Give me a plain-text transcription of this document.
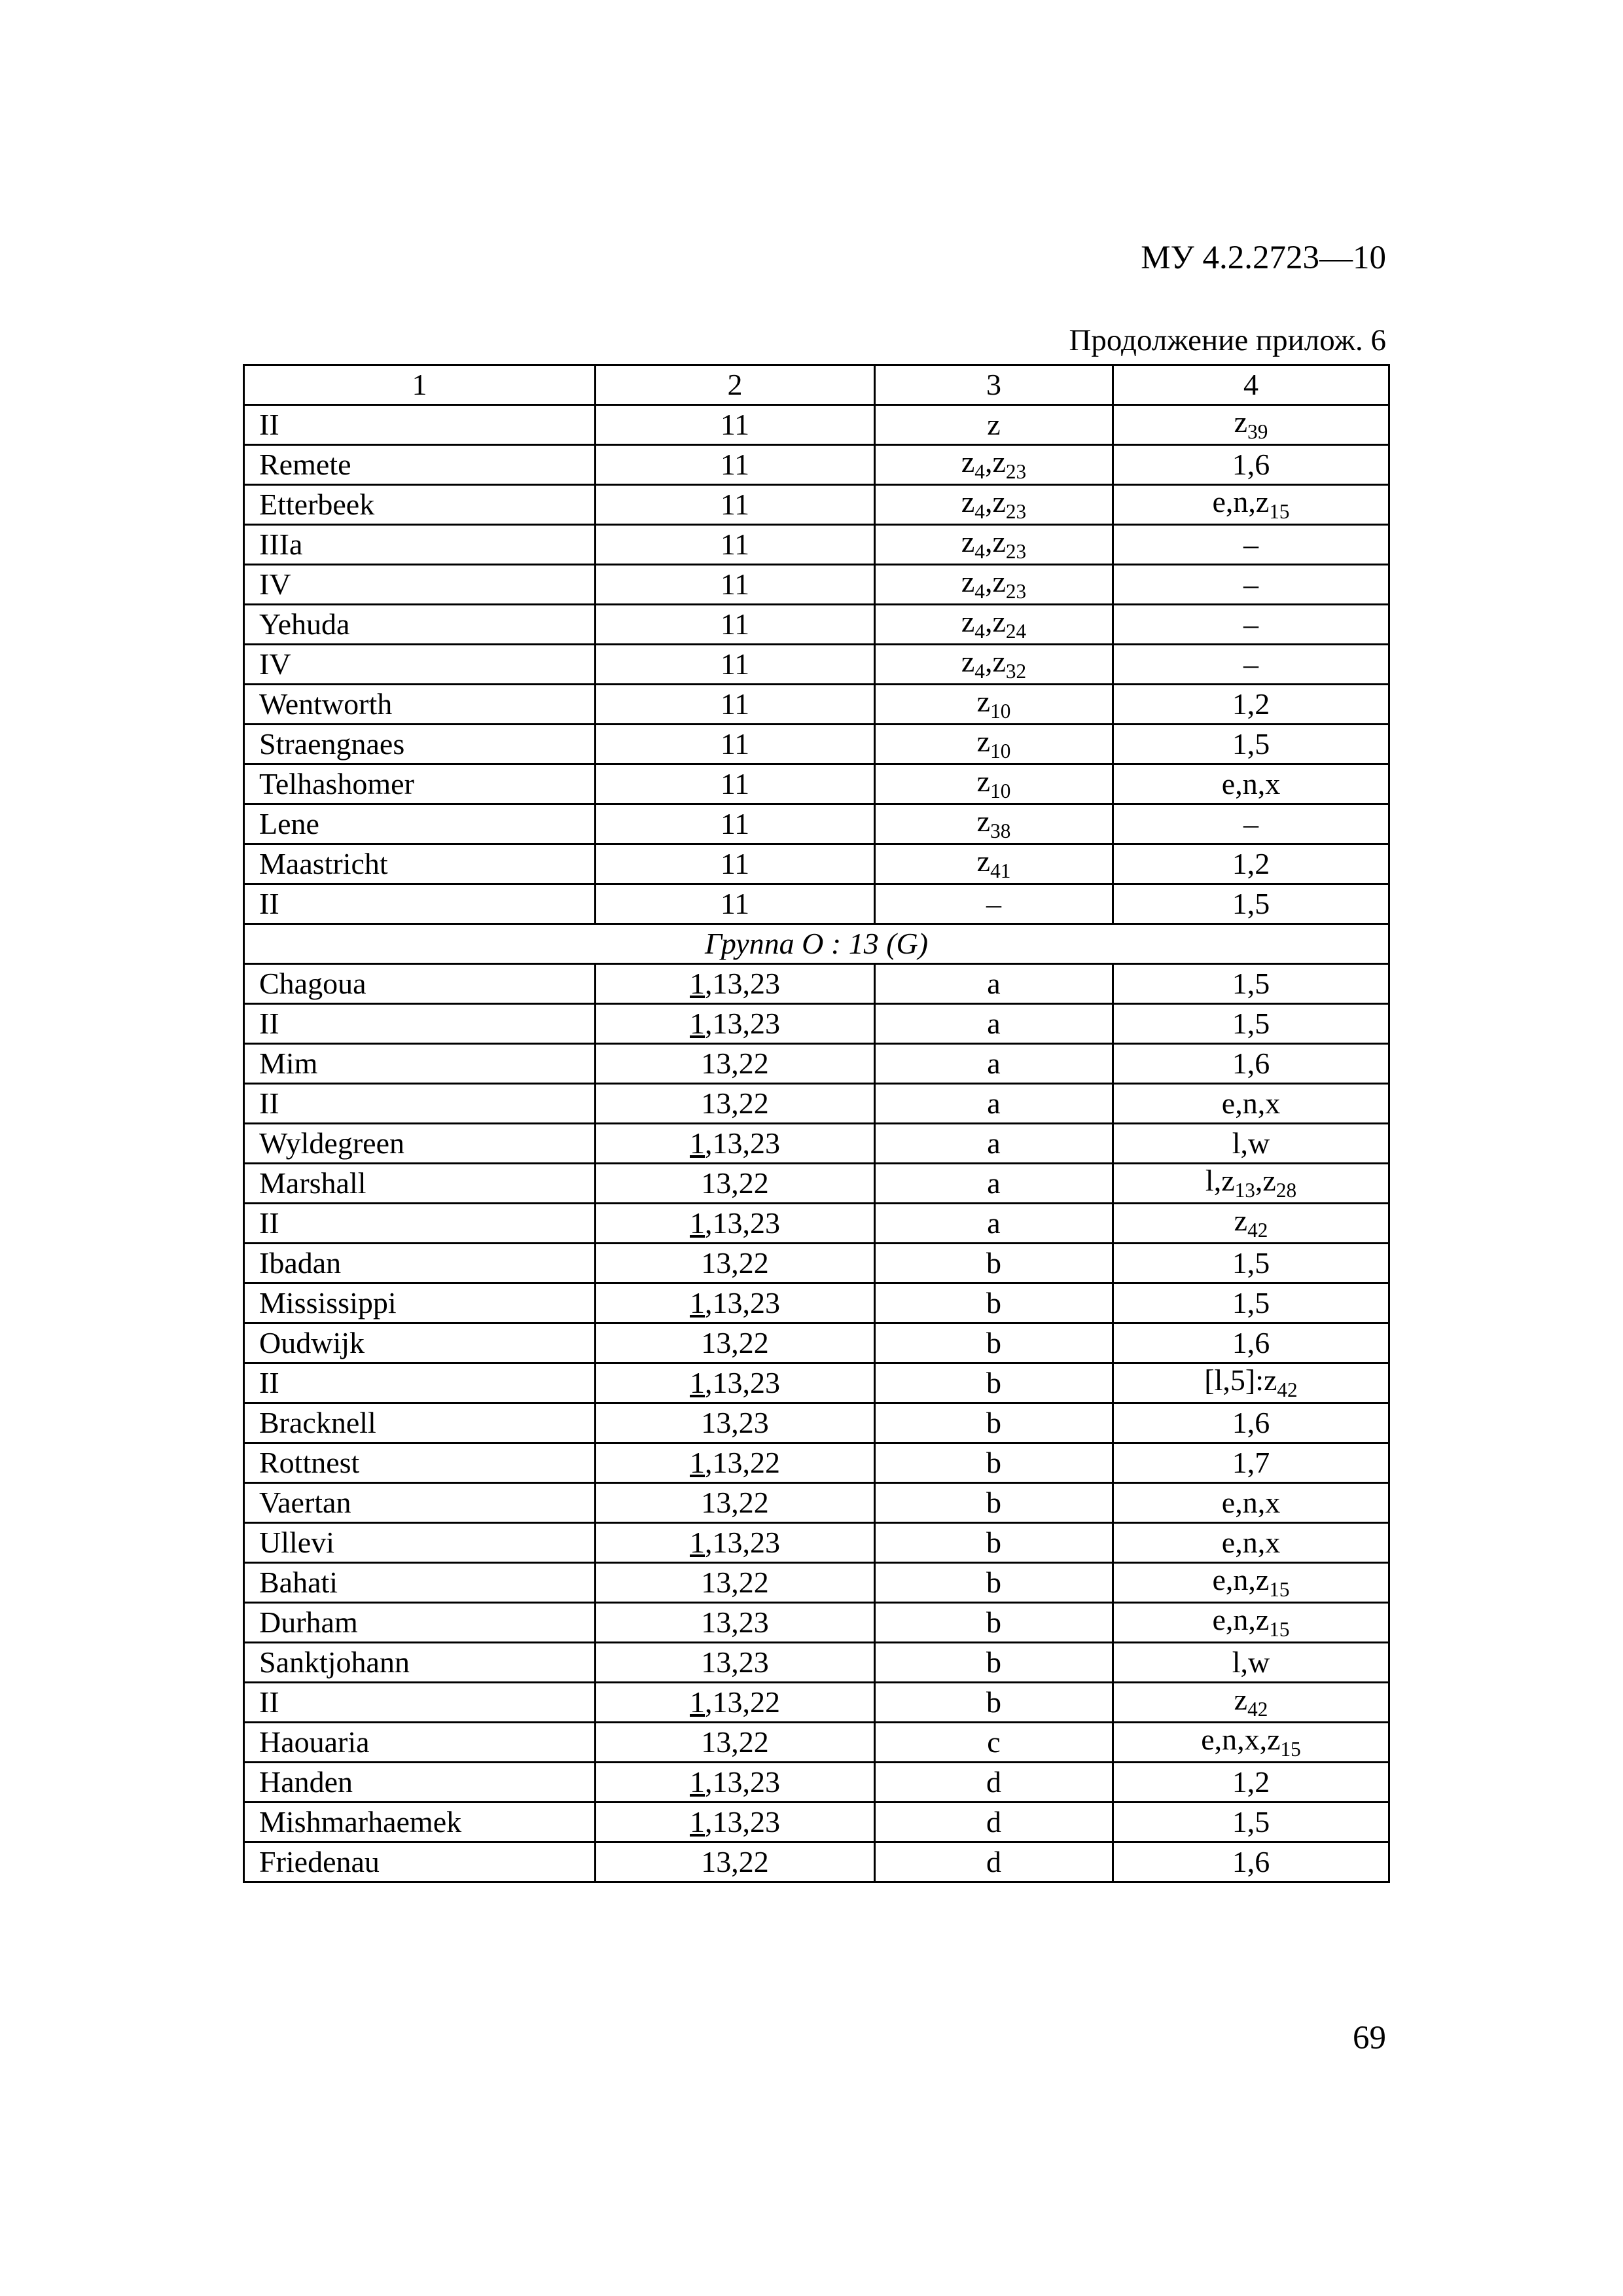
МУ 4.2.2723—10
Продолжение прилож. 6
1	2	3	4
II	11	z	$z_{39}$
Remete	11	$z_4,z_{23}$	1,6
Etterbeek	11	$z_4,z_{23}$	$e,n,z_{15}$
IIIa	11	$z_4,z_{23}$	–
IV	11	$z_4,z_{23}$	–
Yehuda	11	$z_4,z_{24}$	–
IV	11	$z_4,z_{32}$	–
Wentworth	11	$z_{10}$	1,2
Straengnaes	11	$z_{10}$	1,5
Telhashomer	11	$z_{10}$	e,n,x
Lene	11	$z_{38}$	–
Maastricht	11	$z_{41}$	1,2
II	11	–	1,5
Группа O : 13 (G)			
Chagoua	1,13,23	a	1,5
II	1,13,23	a	1,5
Mim	13,22	a	1,6
II	13,22	a	e,n,x
Wyldegreen	1,13,23	a	l,w
Marshall	13,22	a	$l,z_{13},z_{28}$
II	1,13,23	a	$z_{42}$
Ibadan	13,22	b	1,5
Mississippi	1,13,23	b	1,5
Oudwijk	13,22	b	1,6
II	1,13,23	b	$[l,5]:z_{42}$
Bracknell	13,23	b	1,6
Rottnest	1,13,22	b	1,7
Vaertan	13,22	b	e,n,x
Ullevi	1,13,23	b	e,n,x
Bahati	13,22	b	$e,n,z_{15}$
Durham	13,23	b	$e,n,z_{15}$
Sanktjohann	13,23	b	l,w
II	1,13,22	b	$z_{42}$
Haouaria	13,22	c	$e,n,x,z_{15}$
Handen	1,13,23	d	1,2
Mishmarhaemek	1,13,23	d	1,5
Friedenau	13,22	d	1,6
69
